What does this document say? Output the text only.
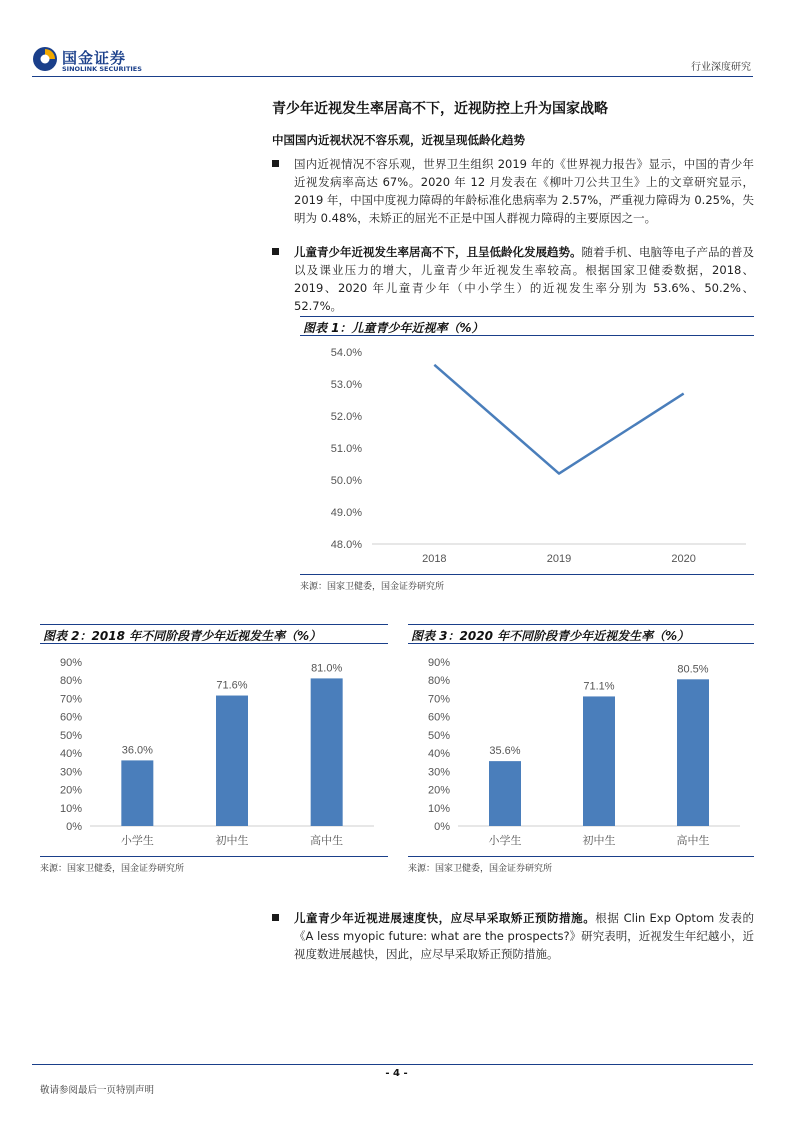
国金证券
SINOLINK SECURITIES	行业深度研究
青少年近视发生率居高不下，近视防控上升为国家战略
中国国内近视状况不容乐观，近视呈现低龄化趋势

国内近视情况不容乐观，世界卫生组织 2019 年的《世界视力报告》显示，中国的青少年近视发病率高达 67%。2020 年 12 月发表在《柳叶刀公共卫生》上的文章研究显示，2019 年，中国中度视力障碍的年龄标准化患病率为 2.57%，严重视力障碍为 0.25%，失明为 0.48%，未矫正的屈光不正是中国人群视力障碍的主要原因之一。

儿童青少年近视发生率居高不下，且呈低龄化发展趋势。随着手机、电脑等电子产品的普及以及课业压力的增大，儿童青少年近视发生率较高。根据国家卫健委数据，2018、2019、2020 年儿童青少年（中小学生）的近视发生率分别为 53.6%、50.2%、52.7%。

图表 1：儿童青少年近视率（%）
48.0%
49.0%
50.0%
51.0%
52.0%
53.0%
54.0%
2018	2019	2020
来源：国家卫健委，国金证券研究所
图表 2：2018 年不同阶段青少年近视发生率（%）
0%
10%
20%
30%
40%
50%
60%
70%
80%
90%
36.0%
小学生
71.6%
初中生
81.0%
高中生
来源：国家卫健委，国金证券研究所
图表 3：2020 年不同阶段青少年近视发生率（%）
0%
10%
20%
30%
40%
50%
60%
70%
80%
90%
35.6%
小学生
71.1%
初中生
80.5%
高中生
来源：国家卫健委，国金证券研究所

儿童青少年近视进展速度快，应尽早采取矫正预防措施。根据 Clin Exp Optom 发表的《A less myopic future: what are the prospects?》研究表明，近视发生年纪越小，近视度数进展越快，因此，应尽早采取矫正预防措施。

- 4 -
敬请参阅最后一页特别声明
